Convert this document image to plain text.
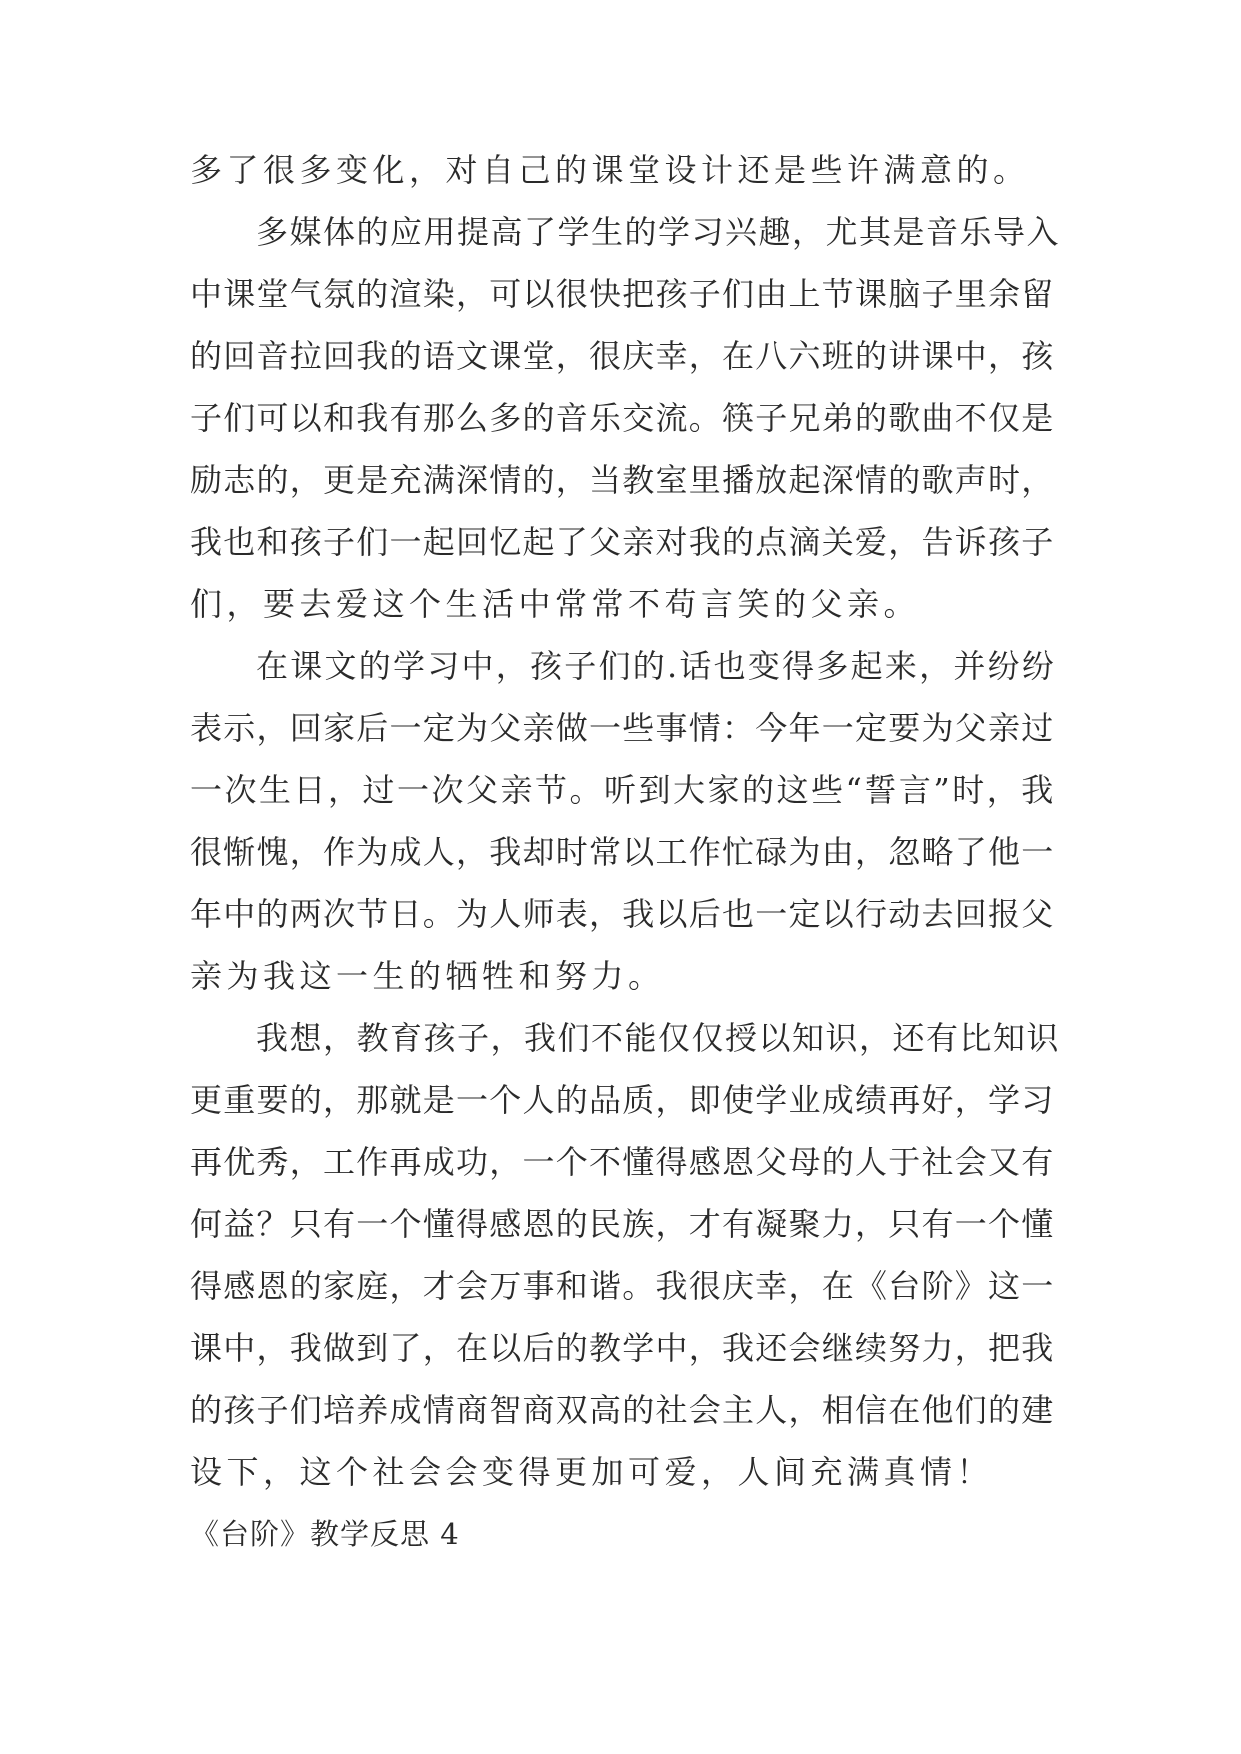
多了很多变化，对自己的课堂设计还是些许满意的。
多媒体的应用提高了学生的学习兴趣，尤其是音乐导入
中课堂气氛的渲染，可以很快把孩子们由上节课脑子里余留
的回音拉回我的语文课堂，很庆幸，在八六班的讲课中，孩
子们可以和我有那么多的音乐交流。筷子兄弟的歌曲不仅是
励志的，更是充满深情的，当教室里播放起深情的歌声时，
我也和孩子们一起回忆起了父亲对我的点滴关爱，告诉孩子
们，要去爱这个生活中常常不苟言笑的父亲。
在课文的学习中，孩子们的.话也变得多起来，并纷纷
表示，回家后一定为父亲做一些事情：今年一定要为父亲过
一次生日，过一次父亲节。听到大家的这些“誓言”时，我
很惭愧，作为成人，我却时常以工作忙碌为由，忽略了他一
年中的两次节日。为人师表，我以后也一定以行动去回报父
亲为我这一生的牺牲和努力。
我想，教育孩子，我们不能仅仅授以知识，还有比知识
更重要的，那就是一个人的品质，即使学业成绩再好，学习
再优秀，工作再成功，一个不懂得感恩父母的人于社会又有
何益？只有一个懂得感恩的民族，才有凝聚力，只有一个懂
得感恩的家庭，才会万事和谐。我很庆幸，在《台阶》这一
课中，我做到了，在以后的教学中，我还会继续努力，把我
的孩子们培养成情商智商双高的社会主人，相信在他们的建
设下，这个社会会变得更加可爱，人间充满真情！
《台阶》教学反思 4
